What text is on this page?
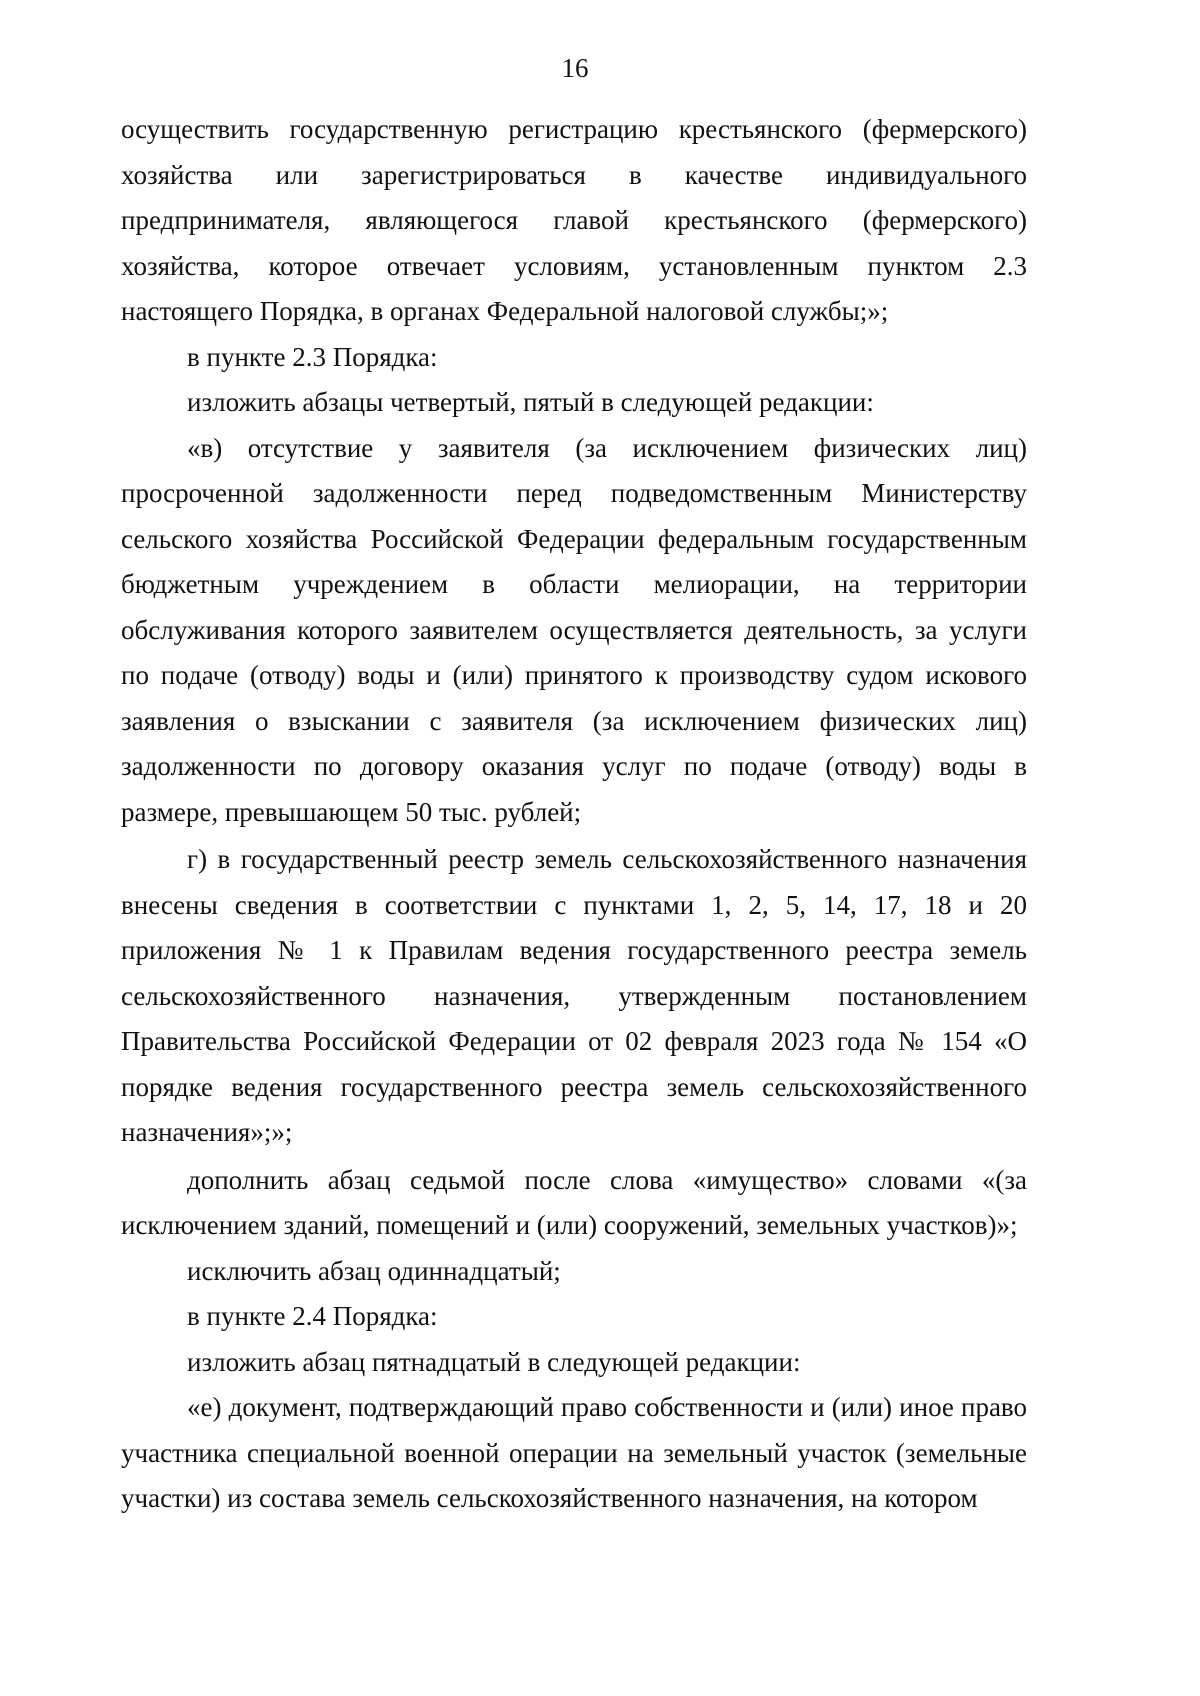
16

осуществить государственную регистрацию крестьянского (фермерского) хозяйства или зарегистрироваться в качестве индивидуального предпринимателя, являющегося главой крестьянского (фермерского) хозяйства, которое отвечает условиям, установленным пунктом 2.3 настоящего Порядка, в органах Федеральной налоговой службы;»;

в пункте 2.3 Порядка:

изложить абзацы четвертый, пятый в следующей редакции:

«в) отсутствие у заявителя (за исключением физических лиц) просроченной задолженности перед подведомственным Министерству сельского хозяйства Российской Федерации федеральным государственным бюджетным учреждением в области мелиорации, на территории обслуживания которого заявителем осуществляется деятельность, за услуги по подаче (отводу) воды и (или) принятого к производству судом искового заявления о взыскании с заявителя (за исключением физических лиц) задолженности по договору оказания услуг по подаче (отводу) воды в размере, превышающем 50 тыс. рублей;

г) в государственный реестр земель сельскохозяйственного назначения внесены сведения в соответствии с пунктами 1, 2, 5, 14, 17, 18 и 20 приложения № 1 к Правилам ведения государственного реестра земель сельскохозяйственного назначения, утвержденным постановлением Правительства Российской Федерации от 02 февраля 2023 года № 154 «О порядке ведения государственного реестра земель сельскохозяйственного назначения»;»;

дополнить абзац седьмой после слова «имущество» словами «(за исключением зданий, помещений и (или) сооружений, земельных участков)»;

исключить абзац одиннадцатый;

в пункте 2.4 Порядка:

изложить абзац пятнадцатый в следующей редакции:

«е) документ, подтверждающий право собственности и (или) иное право участника специальной военной операции на земельный участок (земельные участки) из состава земель сельскохозяйственного назначения, на котором
